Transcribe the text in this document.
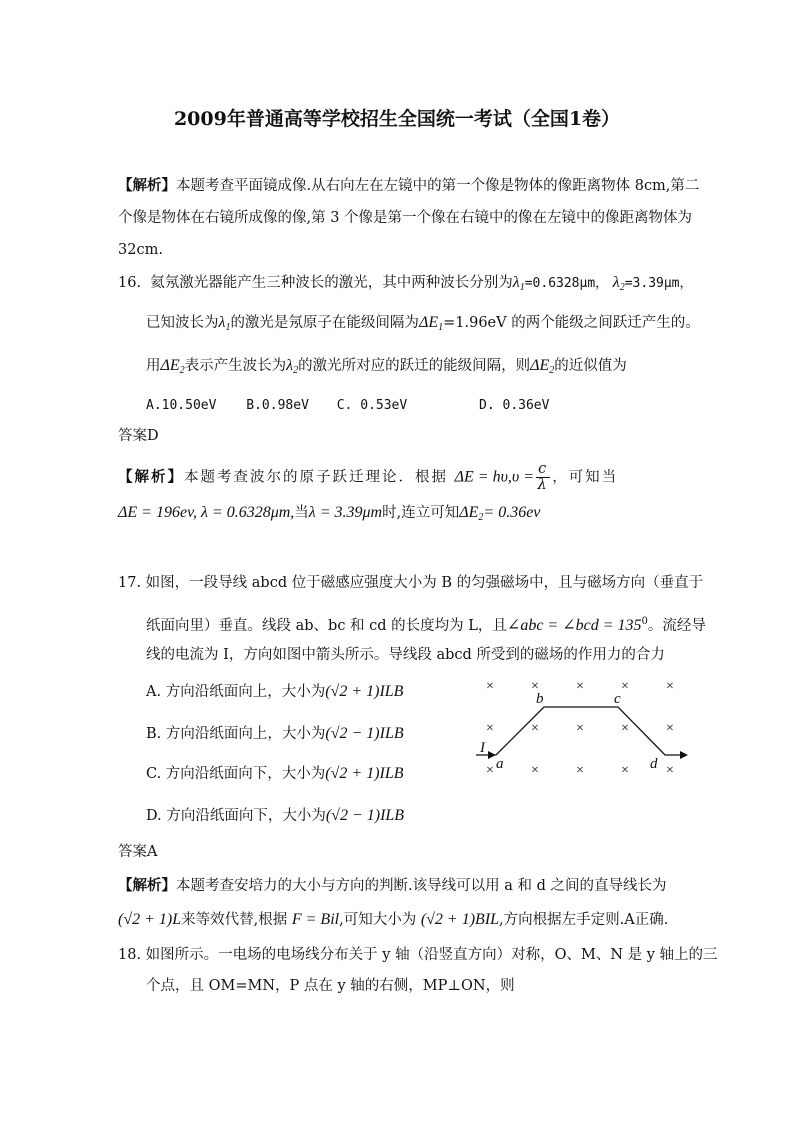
2009年普通高等学校招生全国统一考试（全国1卷）
【解析】本题考查平面镜成像.从右向左在左镜中的第一个像是物体的像距离物体 8cm,第二
个像是物体在右镜所成像的像,第 3 个像是第一个像在右镜中的像在左镜中的像距离物体为
32cm.
16. 氦氖激光器能产生三种波长的激光，其中两种波长分别为$\lambda_1=0.6328\mu m$， $\lambda_2=3.39\mu m$，
已知波长为$\lambda_1$的激光是氖原子在能级间隔为$\Delta E_1=1.96eV$ 的两个能级之间跃迁产生的。
用$\Delta E_2$表示产生波长为$\lambda_2$的激光所对应的跃迁的能级间隔，则$\Delta E_2$的近似值为
A.10.50eV B.0.98eV C. 0.53eV	D. 0.36eV
答案D
【解析】本题考查波尔的原子跃迁理论．根据 $\Delta E = h\upsilon,\upsilon = \frac{c}{\lambda}$ ，可知当
ΔE = 196ev, λ = 0.6328μm,当λ = 3.39μm时,连立可知$\Delta E_2= 0.36ev$
17. 如图，一段导线 abcd 位于磁感应强度大小为 B 的匀强磁场中，且与磁场方向（垂直于
纸面向里）垂直。线段 ab、bc 和 cd 的长度均为 L，且∠abc = ∠bcd = $135^0$。流经导
线的电流为 I，方向如图中箭头所示。导线段 abcd 所受到的磁场的作用力的合力
A. 方向沿纸面向上，大小为(√2 + 1)ILB
B. 方向沿纸面向上，大小为(√2 − 1)ILB
C. 方向沿纸面向下，大小为(√2 + 1)ILB
D. 方向沿纸面向下，大小为(√2 − 1)ILB
×	×	×	×	×
×	×	×	×	×
×	×	×	×	×
I
a
b	c
d
答案A
【解析】本题考查安培力的大小与方向的判断.该导线可以用 a 和 d 之间的直导线长为
(√2 + 1)L来等效代替,根据 F = Bil,可知大小为 (√2 + 1)BIL,方向根据左手定则.A正确.
18. 如图所示。一电场的电场线分布关于 y 轴（沿竖直方向）对称，O、M、N 是 y 轴上的三
个点，且 OM=MN，P 点在 y 轴的右侧，MP⊥ON，则
